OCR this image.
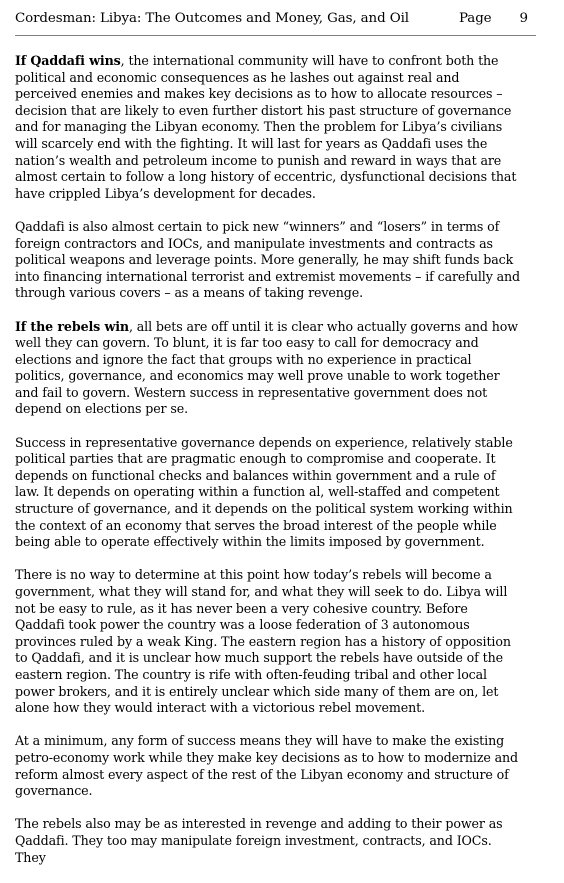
Cordesman: Libya: The Outcomes and Money, Gas, and Oil	Page 9

If Qaddafi wins, the international community will have to confront both the political and economic consequences as he lashes out against real and perceived enemies and makes key decisions as to how to allocate resources – decision that are likely to even further distort his past structure of governance and for managing the Libyan economy. Then the problem for Libya’s civilians will scarcely end with the fighting. It will last for years as Qaddafi uses the nation’s wealth and petroleum income to punish and reward in ways that are almost certain to follow a long history of eccentric, dysfunctional decisions that have crippled Libya’s development for decades.

Qaddafi is also almost certain to pick new “winners” and “losers” in terms of foreign contractors and IOCs, and manipulate investments and contracts as political weapons and leverage points. More generally, he may shift funds back into financing international terrorist and extremist movements – if carefully and through various covers – as a means of taking revenge.

If the rebels win, all bets are off until it is clear who actually governs and how well they can govern. To blunt, it is far too easy to call for democracy and elections and ignore the fact that groups with no experience in practical politics, governance, and economics may well prove unable to work together and fail to govern. Western success in representative government does not depend on elections per se.

Success in representative governance depends on experience, relatively stable political parties that are pragmatic enough to compromise and cooperate. It depends on functional checks and balances within government and a rule of law. It depends on operating within a function al, well-staffed and competent structure of governance, and it depends on the political system working within the context of an economy that serves the broad interest of the people while being able to operate effectively within the limits imposed by government.

There is no way to determine at this point how today’s rebels will become a government, what they will stand for, and what they will seek to do. Libya will not be easy to rule, as it has never been a very cohesive country. Before Qaddafi took power the country was a loose federation of 3 autonomous provinces ruled by a weak King. The eastern region has a history of opposition to Qaddafi, and it is unclear how much support the rebels have outside of the eastern region. The country is rife with often-feuding tribal and other local power brokers, and it is entirely unclear which side many of them are on, let alone how they would interact with a victorious rebel movement.

At a minimum, any form of success means they will have to make the existing petro-economy work while they make key decisions as to how to modernize and reform almost every aspect of the rest of the Libyan economy and structure of governance.

The rebels also may be as interested in revenge and adding to their power as Qaddafi. They too may manipulate foreign investment, contracts, and IOCs. They
